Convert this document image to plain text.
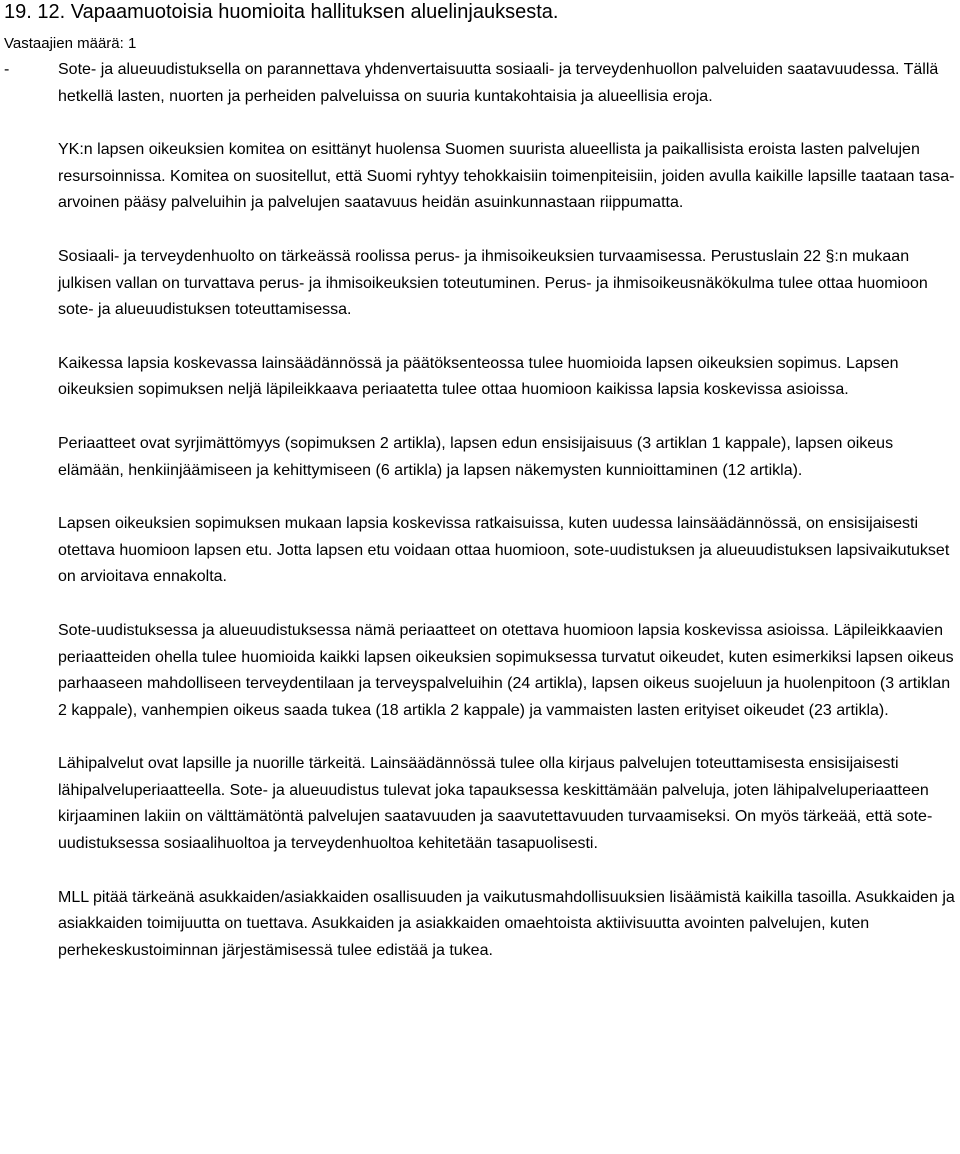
19. 12. Vapaamuotoisia huomioita hallituksen aluelinjauksesta.
Vastaajien määrä: 1
-	Sote- ja alueuudistuksella on parannettava yhdenvertaisuutta sosiaali- ja terveydenhuollon palveluiden saatavuudessa. Tällä hetkellä lasten, nuorten ja perheiden palveluissa on suuria kuntakohtaisia ja alueellisia eroja.

YK:n lapsen oikeuksien komitea on esittänyt huolensa Suomen suurista alueellista ja paikallisista eroista lasten palvelujen resursoinnissa. Komitea on suositellut, että Suomi ryhtyy tehokkaisiin toimenpiteisiin, joiden avulla kaikille lapsille taataan tasa-arvoinen pääsy palveluihin ja palvelujen saatavuus heidän asuinkunnastaan riippumatta.

Sosiaali- ja terveydenhuolto on tärkeässä roolissa perus- ja ihmisoikeuksien turvaamisessa. Perustuslain 22 §:n mukaan julkisen vallan on turvattava perus- ja ihmisoikeuksien toteutuminen. Perus- ja ihmisoikeusnäkökulma tulee ottaa huomioon sote- ja alueuudistuksen toteuttamisessa.

Kaikessa lapsia koskevassa lainsäädännössä ja päätöksenteossa tulee huomioida lapsen oikeuksien sopimus. Lapsen oikeuksien sopimuksen neljä läpileikkaava periaatetta tulee ottaa huomioon kaikissa lapsia koskevissa asioissa.

Periaatteet ovat syrjimättömyys (sopimuksen 2 artikla), lapsen edun ensisijaisuus (3 artiklan 1 kappale), lapsen oikeus elämään, henkiinjäämiseen ja kehittymiseen (6 artikla) ja lapsen näkemysten kunnioittaminen (12 artikla).

Lapsen oikeuksien sopimuksen mukaan lapsia koskevissa ratkaisuissa, kuten uudessa lainsäädännössä, on ensisijaisesti otettava huomioon lapsen etu. Jotta lapsen etu voidaan ottaa huomioon, sote-uudistuksen ja alueuudistuksen lapsivaikutukset on arvioitava ennakolta.

Sote-uudistuksessa ja alueuudistuksessa nämä periaatteet on otettava huomioon lapsia koskevissa asioissa. Läpileikkaavien periaatteiden ohella tulee huomioida kaikki lapsen oikeuksien sopimuksessa turvatut oikeudet, kuten esimerkiksi lapsen oikeus parhaaseen mahdolliseen terveydentilaan ja terveyspalveluihin (24 artikla), lapsen oikeus suojeluun ja huolenpitoon (3 artiklan 2 kappale), vanhempien oikeus saada tukea (18 artikla 2 kappale) ja vammaisten lasten erityiset oikeudet (23 artikla).

Lähipalvelut ovat lapsille ja nuorille tärkeitä. Lainsäädännössä tulee olla kirjaus palvelujen toteuttamisesta ensisijaisesti lähipalveluperiaatteella. Sote- ja alueuudistus tulevat joka tapauksessa keskittämään palveluja, joten lähipalveluperiaatteen kirjaaminen lakiin on välttämätöntä palvelujen saatavuuden ja saavutettavuuden turvaamiseksi. On myös tärkeää, että sote-uudistuksessa sosiaalihuoltoa ja terveydenhuoltoa kehitetään tasapuolisesti.

MLL pitää tärkeänä asukkaiden/asiakkaiden osallisuuden ja vaikutusmahdollisuuksien lisäämistä kaikilla tasoilla. Asukkaiden ja asiakkaiden toimijuutta on tuettava. Asukkaiden ja asiakkaiden omaehtoista aktiivisuutta avointen palvelujen, kuten perhekeskustoiminnan järjestämisessä tulee edistää ja tukea.
